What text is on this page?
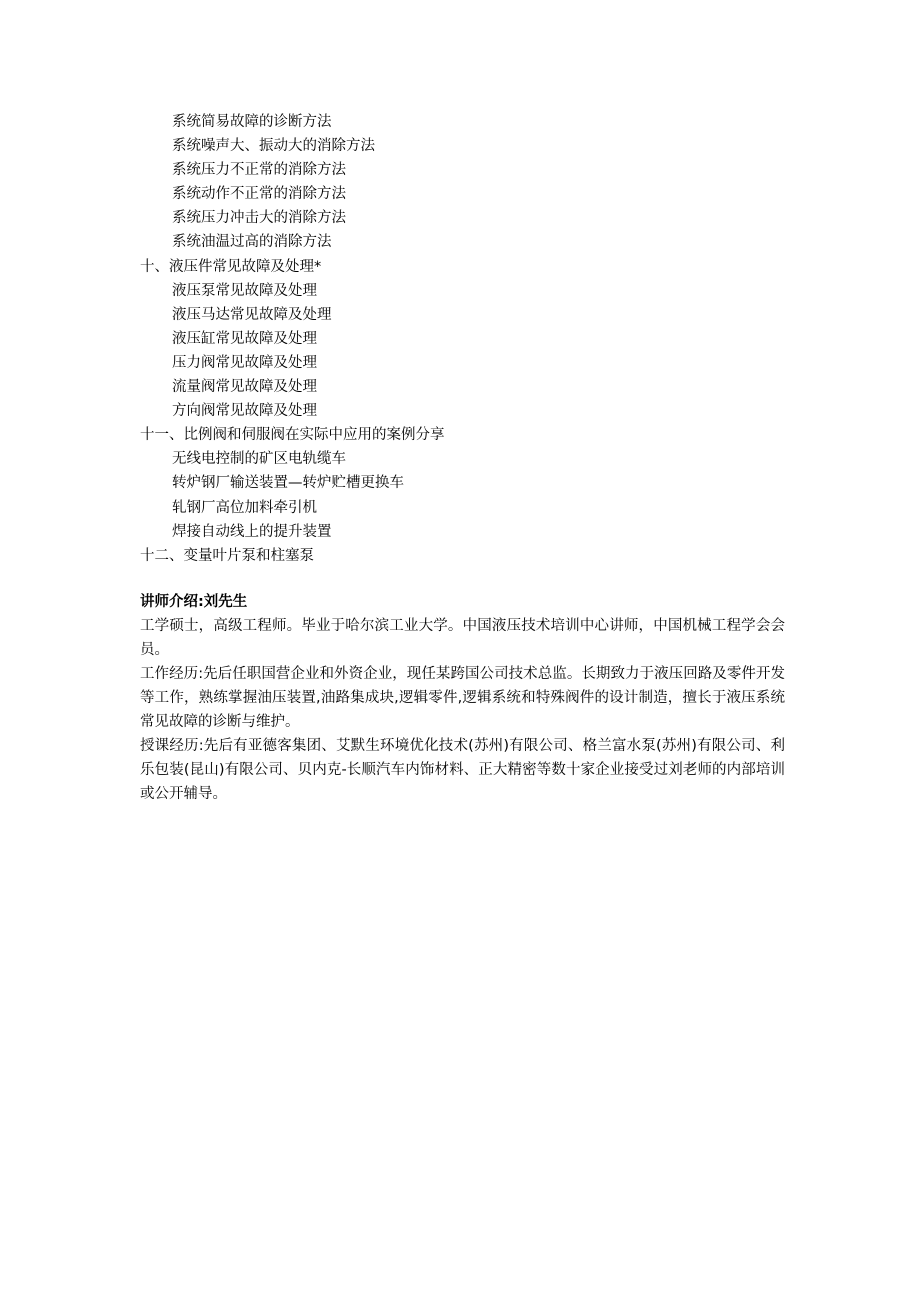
系统简易故障的诊断方法
系统噪声大、振动大的消除方法
系统压力不正常的消除方法
系统动作不正常的消除方法
系统压力冲击大的消除方法
系统油温过高的消除方法
十、液压件常见故障及处理*
液压泵常见故障及处理
液压马达常见故障及处理
液压缸常见故障及处理
压力阀常见故障及处理
流量阀常见故障及处理
方向阀常见故障及处理
十一、比例阀和伺服阀在实际中应用的案例分享
无线电控制的矿区电轨缆车
转炉钢厂输送装置—转炉贮槽更换车
轧钢厂高位加料牵引机
焊接自动线上的提升装置
十二、变量叶片泵和柱塞泵
讲师介绍:刘先生

工学硕士，高级工程师。毕业于哈尔滨工业大学。中国液压技术培训中心讲师，中国机械工程学会会员。

工作经历:先后任职国营企业和外资企业，现任某跨国公司技术总监。长期致力于液压回路及零件开发等工作，熟练掌握油压装置,油路集成块,逻辑零件,逻辑系统和特殊阀件的设计制造，擅长于液压系统常见故障的诊断与维护。

授课经历:先后有亚德客集团、艾默生环境优化技术(苏州)有限公司、格兰富水泵(苏州)有限公司、利乐包装(昆山)有限公司、贝内克-长顺汽车内饰材料、正大精密等数十家企业接受过刘老师的内部培训或公开辅导。
